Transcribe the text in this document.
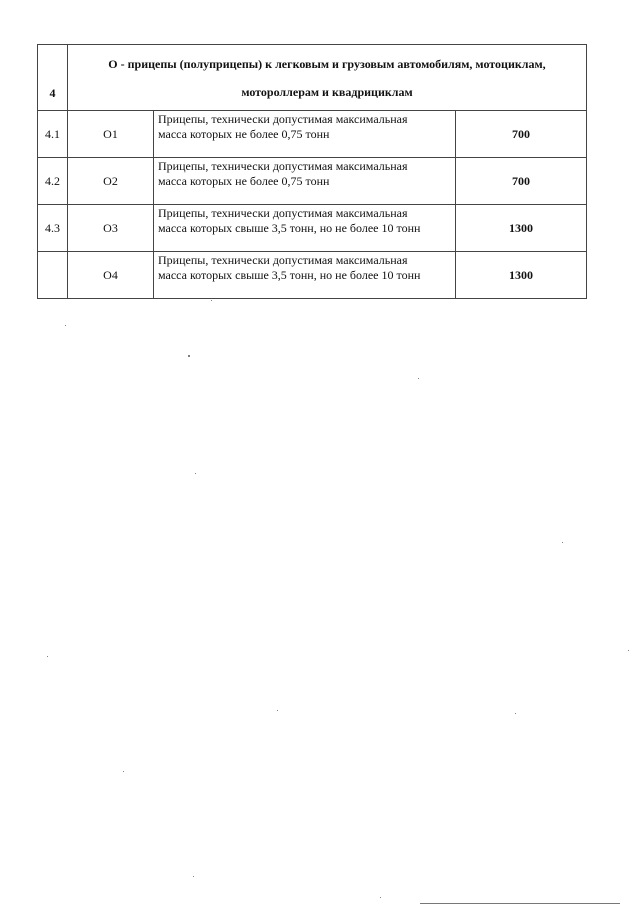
4	О - прицепы (полуприцепы) к легковым и грузовым автомобилям, мотоциклам,
мотороллерам и квадрициклам		

4.1	О1	Прицепы, технически допустимая максимальная
масса которых не более 0,75 тонн	700
4.2	О2	Прицепы, технически допустимая максимальная
масса которых не более 0,75 тонн	700
4.3	О3	Прицепы, технически допустимая максимальная
масса которых свыше 3,5 тонн, но не более 10 тонн	1300
	О4	Прицепы, технически допустимая максимальная
масса которых свыше 3,5 тонн, но не более 10 тонн	1300
